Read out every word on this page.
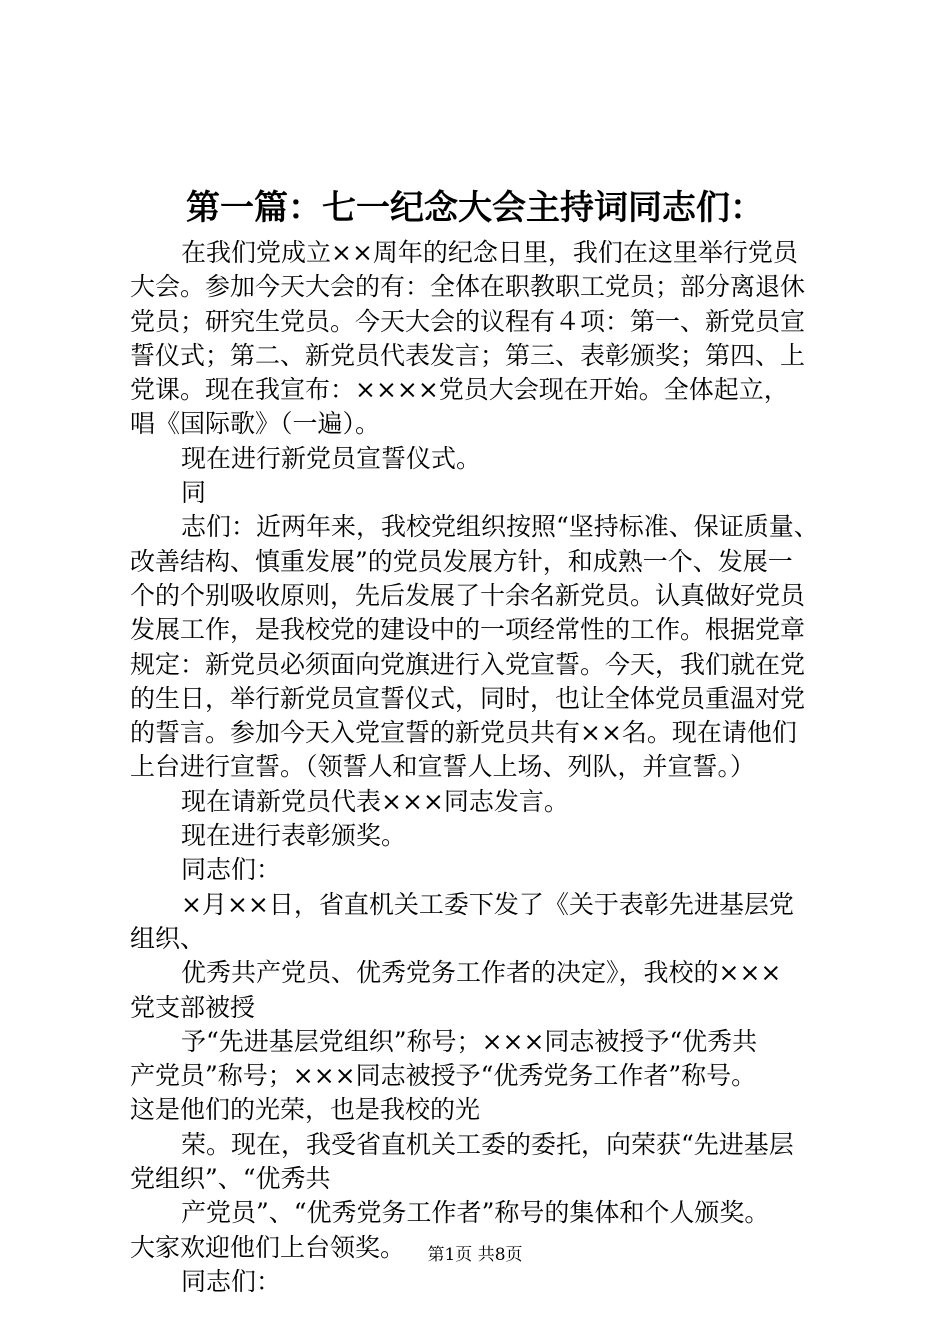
第一篇：七一纪念大会主持词同志们：
在我们党成立××周年的纪念日里，我们在这里举行党员
大会。参加今天大会的有：全体在职教职工党员；部分离退休
党员；研究生党员。今天大会的议程有４项：第一、新党员宣
誓仪式；第二、新党员代表发言；第三、表彰颁奖；第四、上
党课。现在我宣布：××××党员大会现在开始。全体起立，
唱《国际歌》（一遍）。
现在进行新党员宣誓仪式。
同
志们：近两年来，我校党组织按照“坚持标准、保证质量、
改善结构、慎重发展”的党员发展方针，和成熟一个、发展一
个的个别吸收原则，先后发展了十余名新党员。认真做好党员
发展工作，是我校党的建设中的一项经常性的工作。根据党章
规定：新党员必须面向党旗进行入党宣誓。今天，我们就在党
的生日，举行新党员宣誓仪式，同时，也让全体党员重温对党
的誓言。参加今天入党宣誓的新党员共有××名。现在请他们
上台进行宣誓。（领誓人和宣誓人上场、列队，并宣誓。）
现在请新党员代表×××同志发言。
现在进行表彰颁奖。
同志们：
×月××日，省直机关工委下发了《关于表彰先进基层党
组织、
优秀共产党员、优秀党务工作者的决定》，我校的×××
党支部被授
予“先进基层党组织”称号；×××同志被授予“优秀共
产党员”称号；×××同志被授予“优秀党务工作者”称号。
这是他们的光荣，也是我校的光
荣。现在，我受省直机关工委的委托，向荣获“先进基层
党组织”、“优秀共
产党员”、“优秀党务工作者”称号的集体和个人颁奖。
大家欢迎他们上台领奖。
同志们：
第1页 共8页
